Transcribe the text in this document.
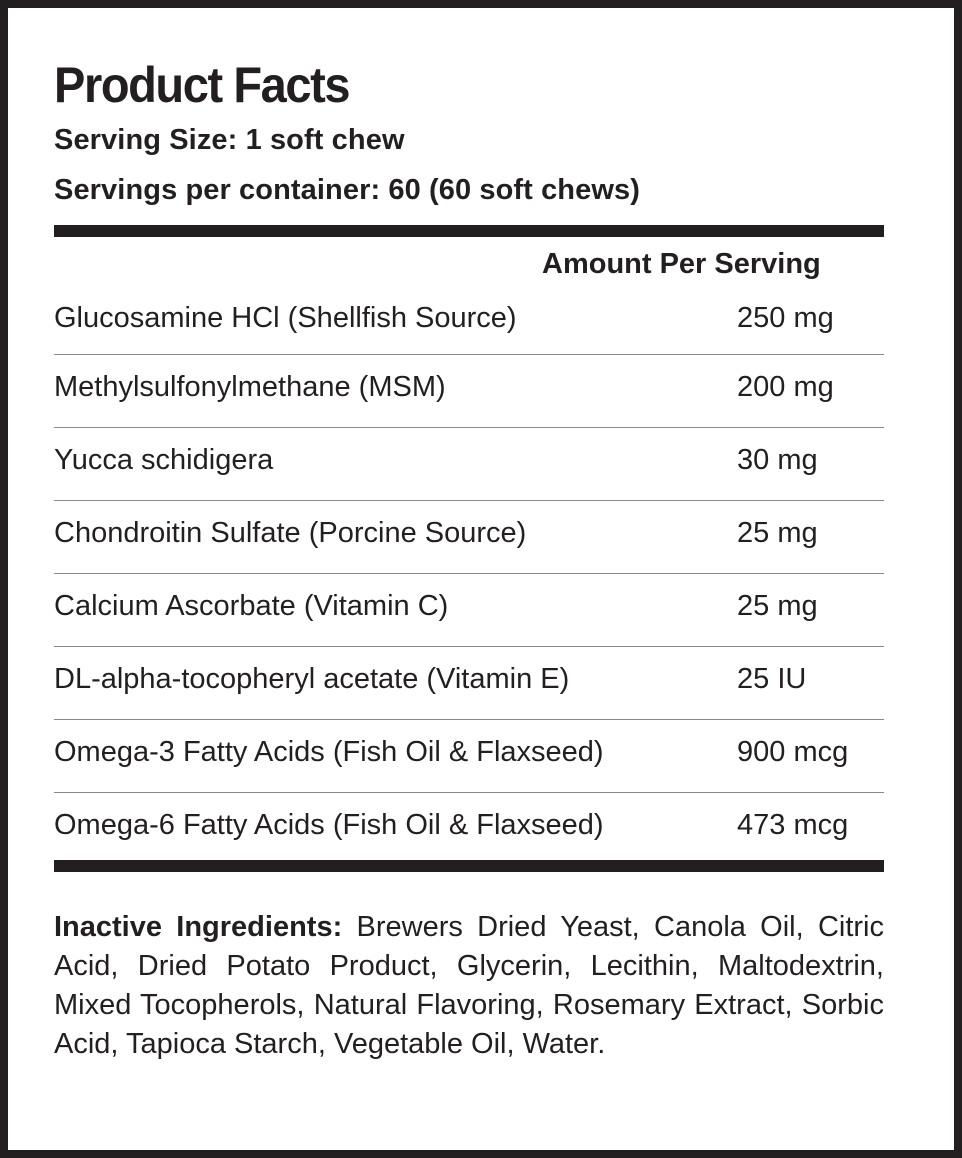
Product Facts

Serving Size: 1 soft chew

Servings per container: 60 (60 soft chews)

Amount Per Serving

Glucosamine HCl (Shellfish Source)	250 mg
Methylsulfonylmethane (MSM)	200 mg
Yucca schidigera	30 mg
Chondroitin Sulfate (Porcine Source)	25 mg
Calcium Ascorbate (Vitamin C)	25 mg
DL-alpha-tocopheryl acetate (Vitamin E)	25 IU
Omega-3 Fatty Acids (Fish Oil & Flaxseed)	900 mcg
Omega-6 Fatty Acids (Fish Oil & Flaxseed)	473 mcg

Inactive Ingredients: Brewers Dried Yeast, Canola Oil, Citric Acid, Dried Potato Product, Glycerin, Lecithin, Maltodextrin, Mixed Tocopherols, Natural Flavoring, Rosemary Extract, Sorbic Acid, Tapioca Starch, Vegetable Oil, Water.
